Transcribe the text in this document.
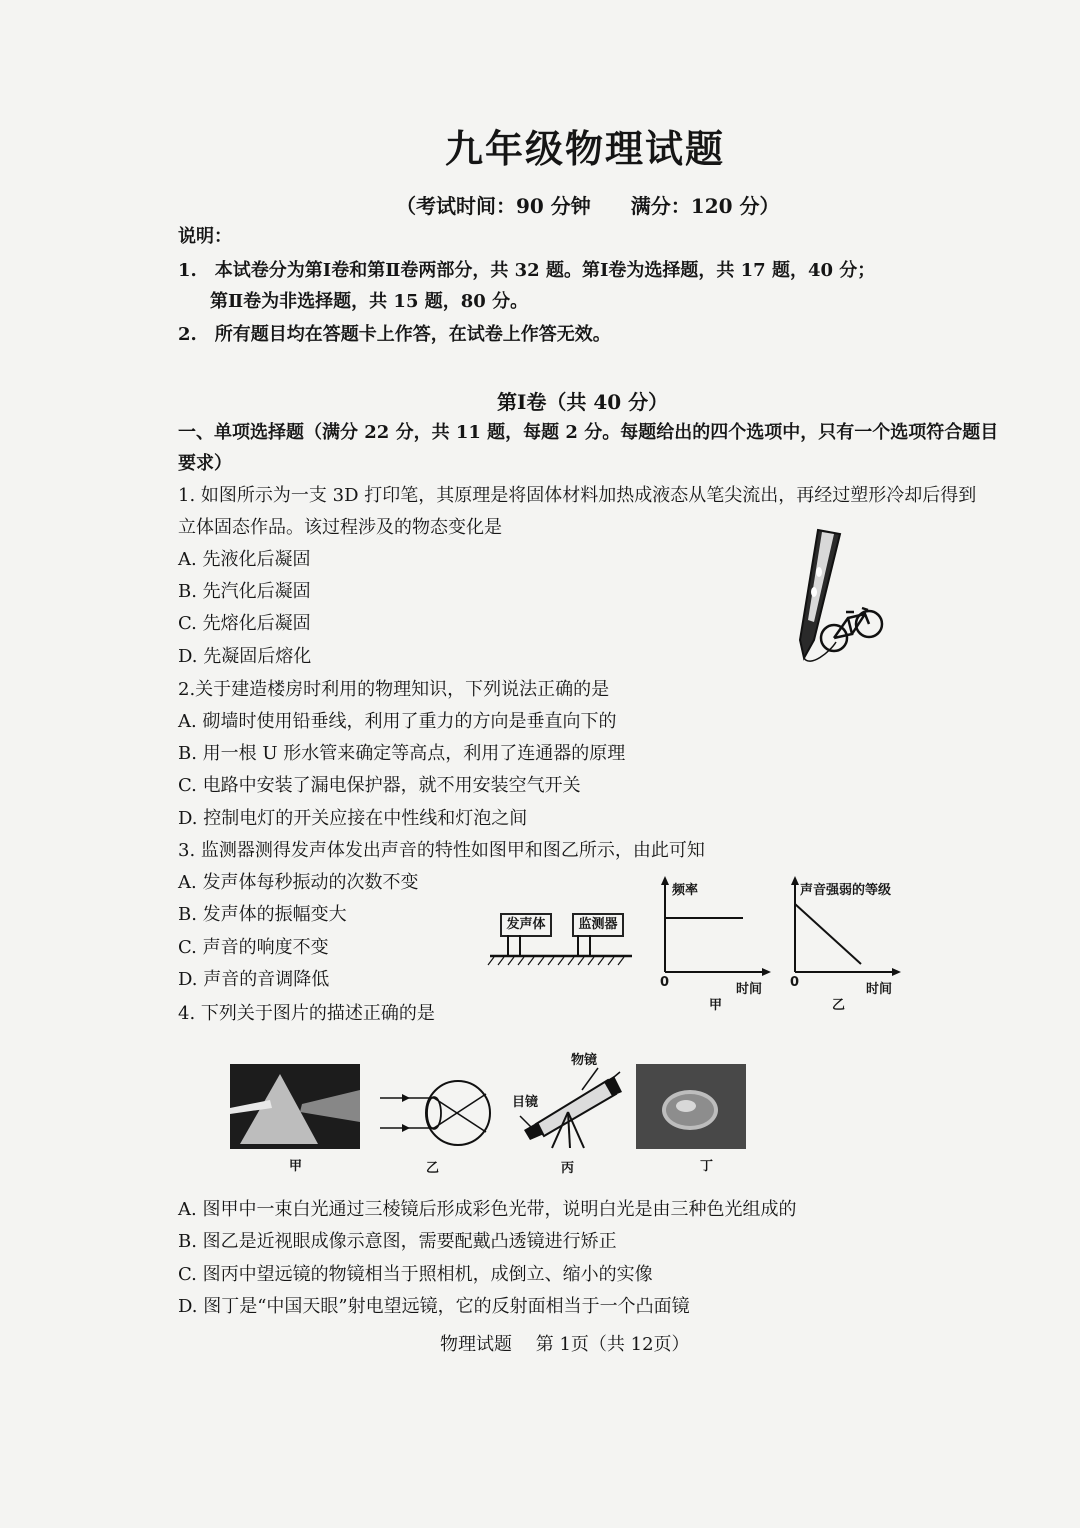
九年级物理试题
（考试时间：90 分钟　　满分：120 分）
说明：
1.　本试卷分为第Ⅰ卷和第Ⅱ卷两部分，共 32 题。第Ⅰ卷为选择题，共 17 题，40 分；
第Ⅱ卷为非选择题，共 15 题，80 分。
2.　所有题目均在答题卡上作答，在试卷上作答无效。
第Ⅰ卷（共 40 分）
一、单项选择题（满分 22 分，共 11 题，每题 2 分。每题给出的四个选项中，只有一个选项符合题目
要求）
1. 如图所示为一支 3D 打印笔，其原理是将固体材料加热成液态从笔尖流出，再经过塑形冷却后得到
立体固态作品。该过程涉及的物态变化是
A. 先液化后凝固
B. 先汽化后凝固
C. 先熔化后凝固
D. 先凝固后熔化
2.关于建造楼房时利用的物理知识，下列说法正确的是
A. 砌墙时使用铅垂线，利用了重力的方向是垂直向下的
B. 用一根 U 形水管来确定等高点，利用了连通器的原理
C. 电路中安装了漏电保护器，就不用安装空气开关
D. 控制电灯的开关应接在中性线和灯泡之间
3. 监测器测得发声体发出声音的特性如图甲和图乙所示，由此可知
A. 发声体每秒振动的次数不变
B. 发声体的振幅变大
C. 声音的响度不变
D. 声音的音调降低
发声体	监测器
频率
0	时间
甲
声音强弱的等级
0	时间
乙
4. 下列关于图片的描述正确的是
甲	乙
物镜
目镜
丙	丁
A. 图甲中一束白光通过三棱镜后形成彩色光带，说明白光是由三种色光组成的
B. 图乙是近视眼成像示意图，需要配戴凸透镜进行矫正
C. 图丙中望远镜的物镜相当于照相机，成倒立、缩小的实像
D. 图丁是“中国天眼”射电望远镜，它的反射面相当于一个凸面镜
物理试题　 第 1页（共 12页）
